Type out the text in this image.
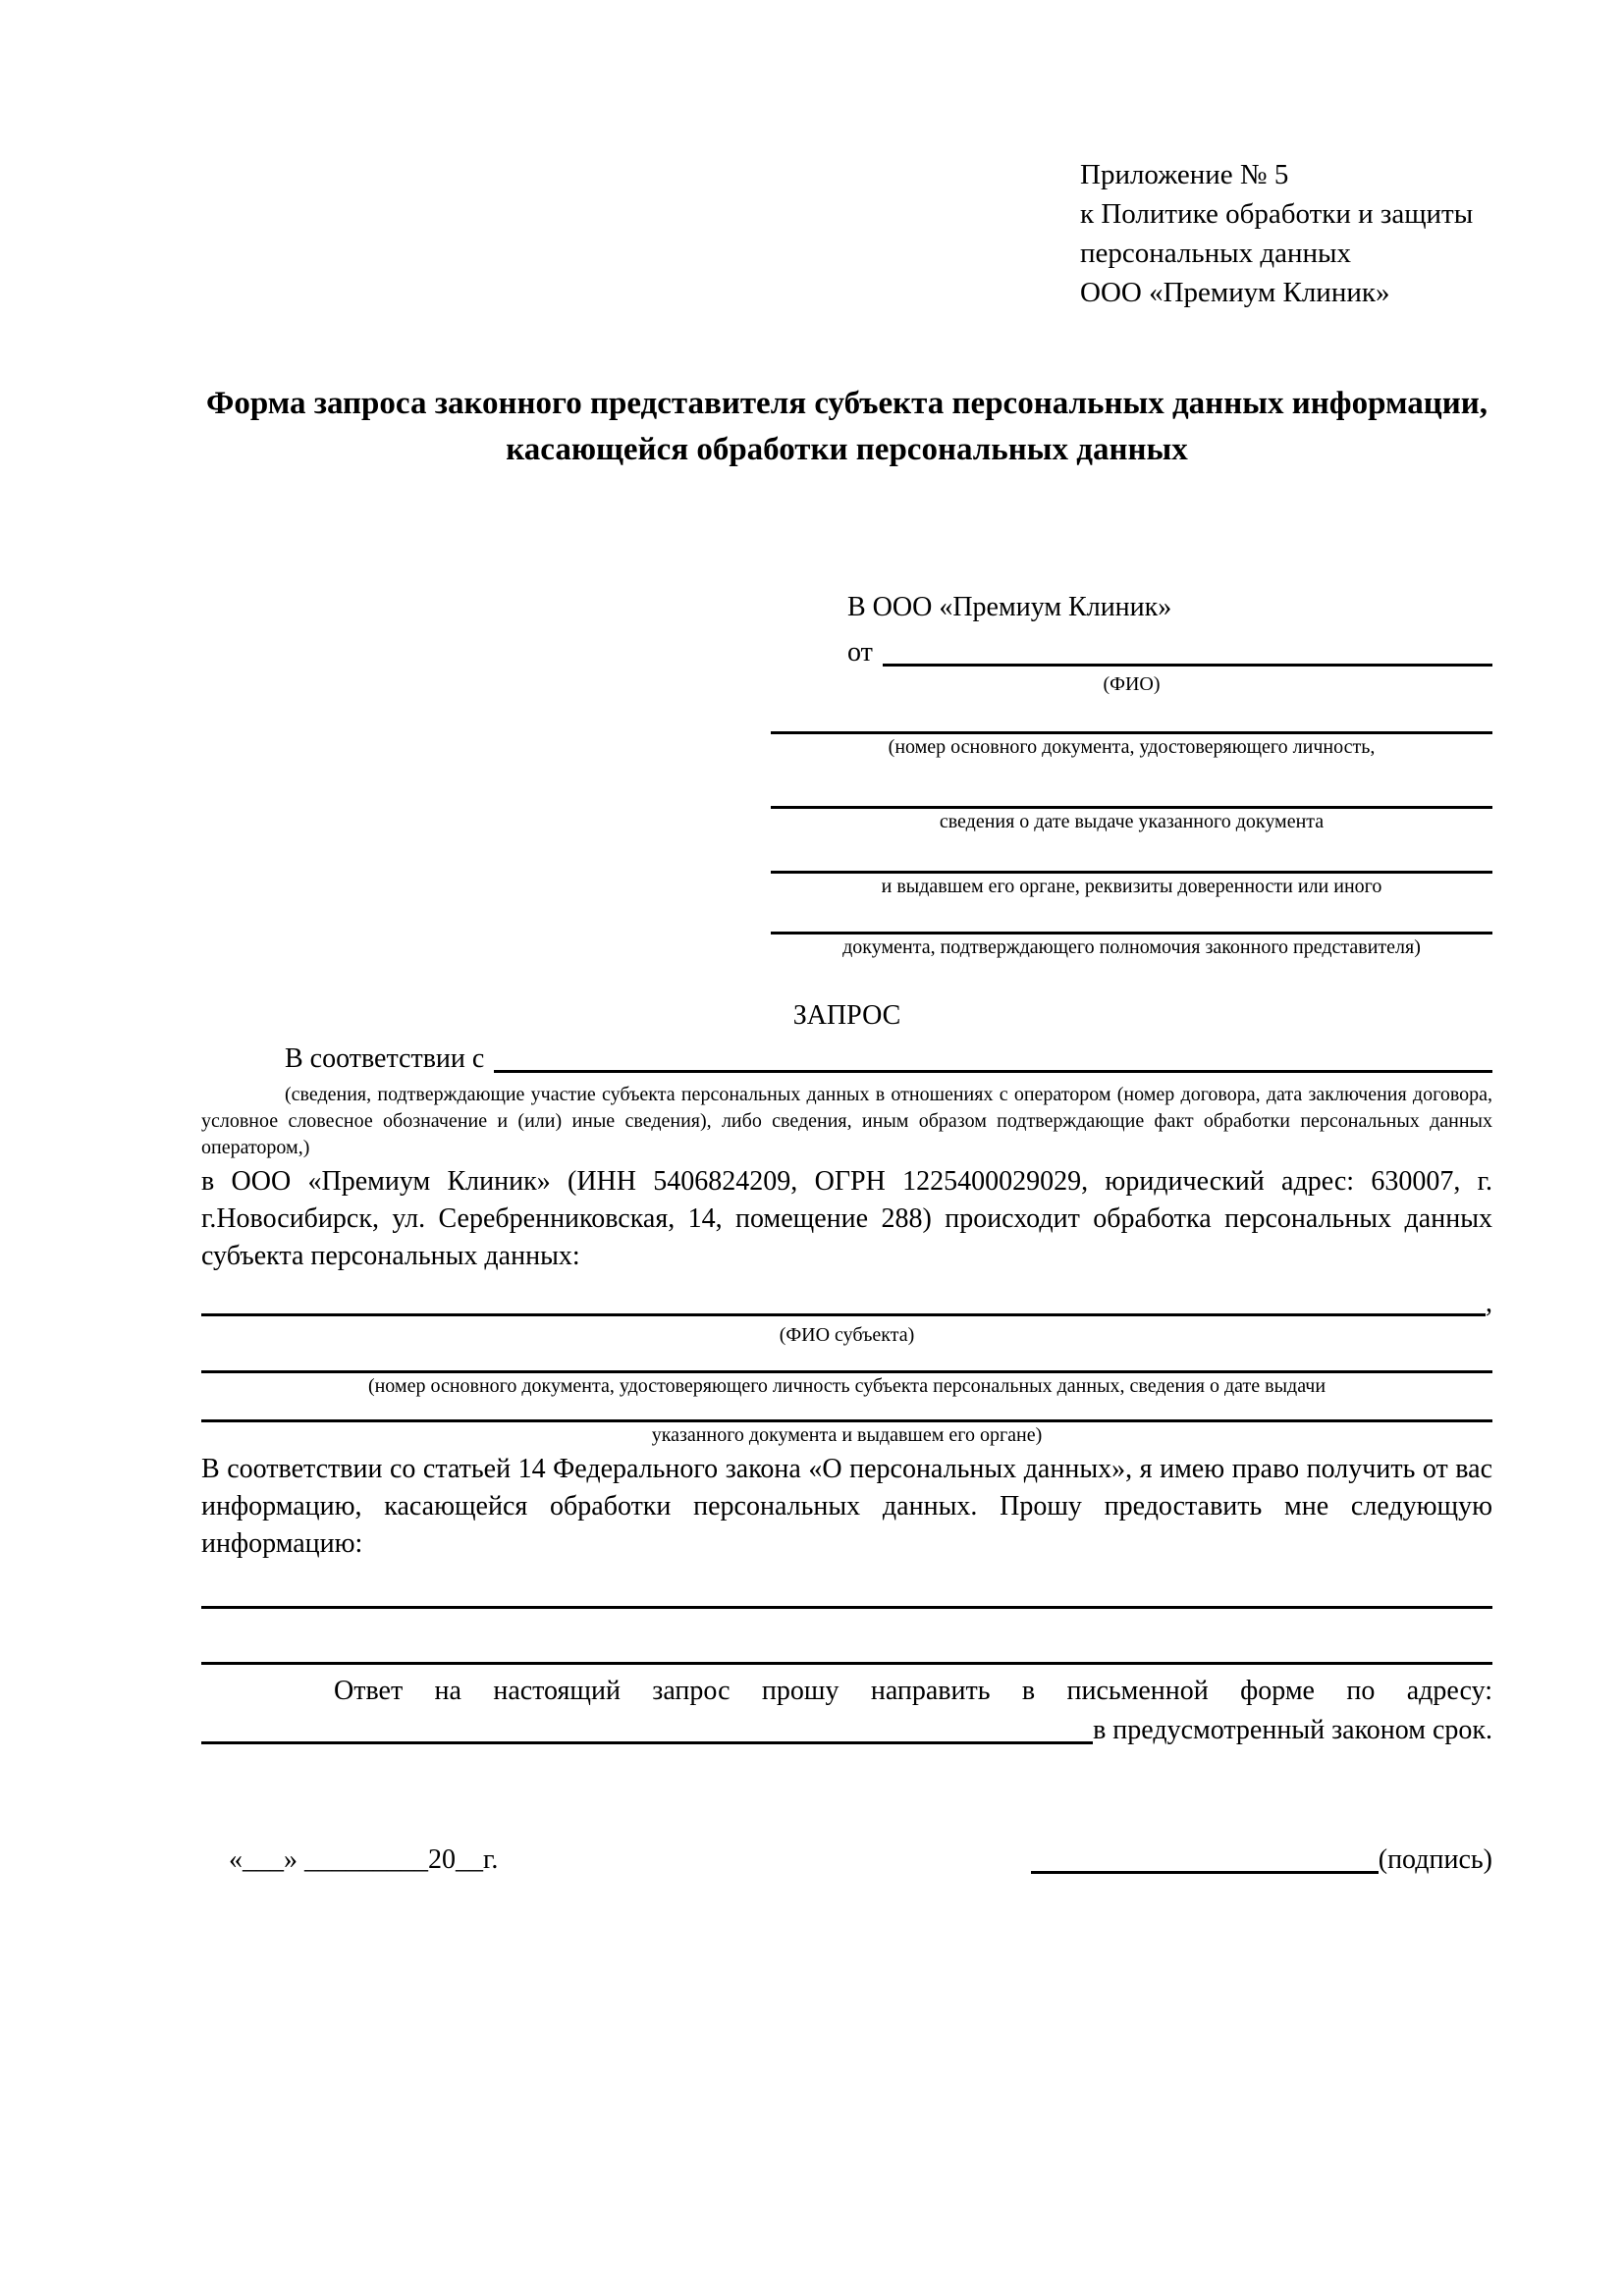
Приложение № 5
к Политике обработки и защиты
персональных данных
ООО «Премиум Клиник»
Форма запроса законного представителя субъекта персональных данных информации, касающейся обработки персональных данных
В ООО «Премиум Клиник»
от
(ФИО)
(номер основного документа, удостоверяющего личность,
сведения о дате выдаче указанного документа
и выдавшем его органе, реквизиты доверенности или иного
документа, подтверждающего полномочия законного представителя)
ЗАПРОС
В соответствии с
(сведения, подтверждающие участие субъекта персональных данных в отношениях с оператором (номер договора, дата заключения договора, условное словесное обозначение и (или) иные сведения), либо сведения, иным образом подтверждающие факт обработки персональных данных оператором,)
в ООО «Премиум Клиник» (ИНН 5406824209, ОГРН 1225400029029, юридический адрес: 630007, г. г.Новосибирск, ул. Серебренниковская, 14, помещение 288) происходит обработка персональных данных субъекта персональных данных:
,
(ФИО субъекта)
(номер основного документа, удостоверяющего личность субъекта персональных данных, сведения о дате выдачи
указанного документа и выдавшем его органе)
В соответствии со статьей 14 Федерального закона «О персональных данных», я имею право получить от вас информацию, касающейся обработки персональных данных. Прошу предоставить мне следующую информацию:
Ответ на настоящий запрос прошу направить в письменной форме по адресу:
в предусмотренный законом срок.
«___» _________20__г.	(подпись)
